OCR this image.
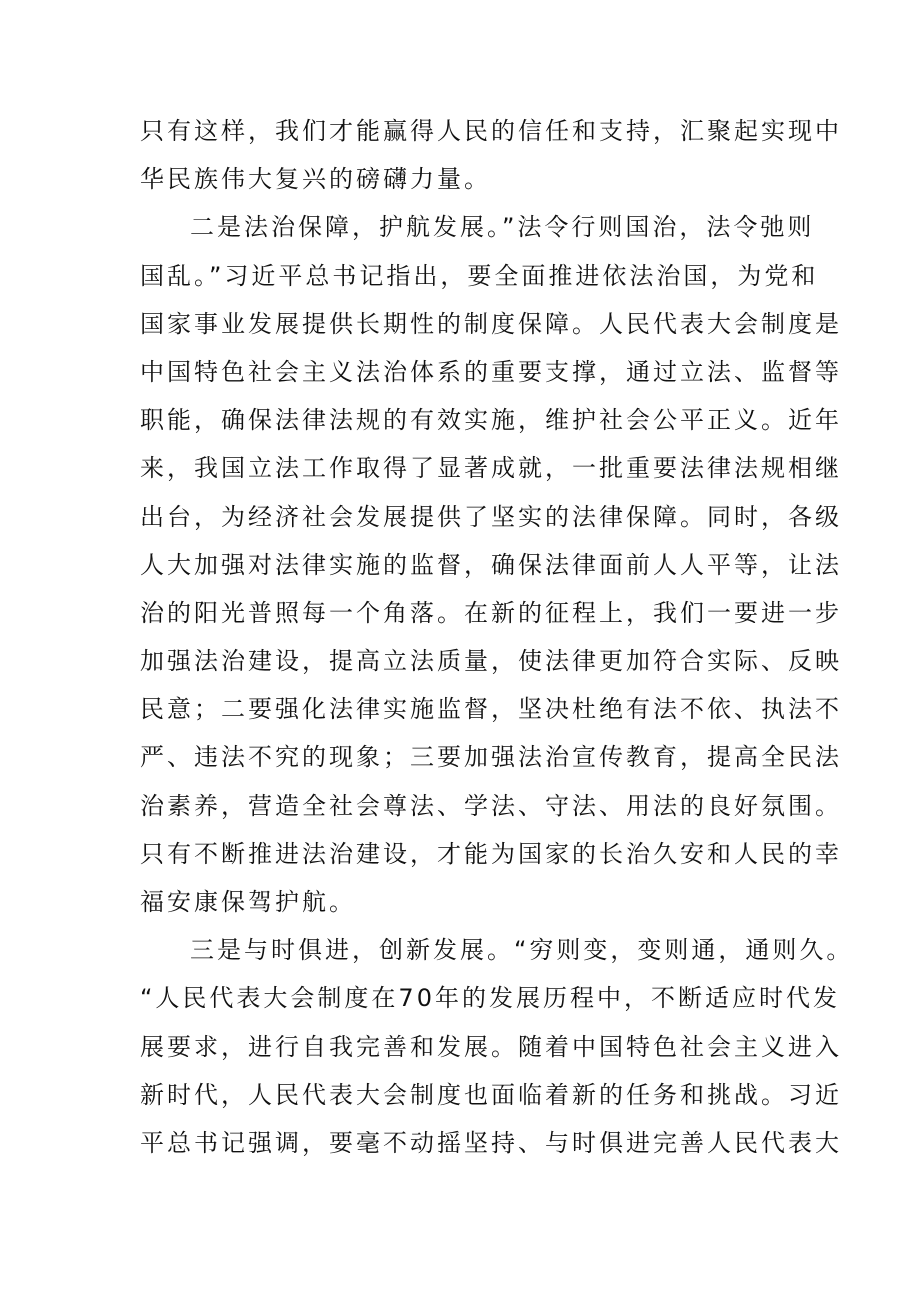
只有这样，我们才能赢得人民的信任和支持，汇聚起实现中
华民族伟大复兴的磅礴力量。
二是法治保障，护航发展。”法令行则国治，法令弛则
国乱。”习近平总书记指出，要全面推进依法治国，为党和
国家事业发展提供长期性的制度保障。人民代表大会制度是
中国特色社会主义法治体系的重要支撑，通过立法、监督等
职能，确保法律法规的有效实施，维护社会公平正义。近年
来，我国立法工作取得了显著成就，一批重要法律法规相继
出台，为经济社会发展提供了坚实的法律保障。同时，各级
人大加强对法律实施的监督，确保法律面前人人平等，让法
治的阳光普照每一个角落。在新的征程上，我们一要进一步
加强法治建设，提高立法质量，使法律更加符合实际、反映
民意；二要强化法律实施监督，坚决杜绝有法不依、执法不
严、违法不究的现象；三要加强法治宣传教育，提高全民法
治素养，营造全社会尊法、学法、守法、用法的良好氛围。
只有不断推进法治建设，才能为国家的长治久安和人民的幸
福安康保驾护航。
三是与时俱进，创新发展。“穷则变，变则通，通则久。
“人民代表大会制度在70年的发展历程中，不断适应时代发
展要求，进行自我完善和发展。随着中国特色社会主义进入
新时代，人民代表大会制度也面临着新的任务和挑战。习近
平总书记强调，要毫不动摇坚持、与时俱进完善人民代表大
